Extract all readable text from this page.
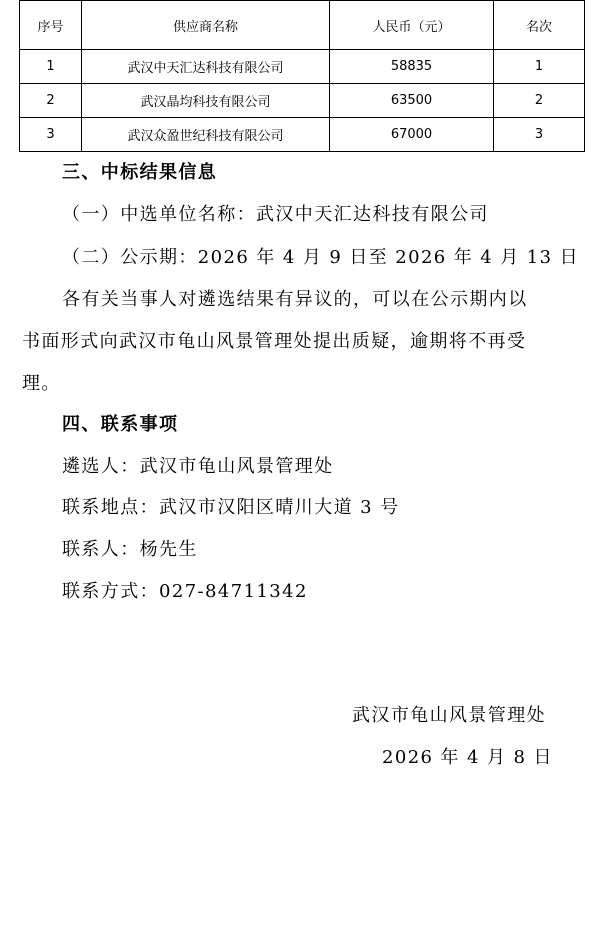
序号	供应商名称	人民币（元）	名次
1	武汉中天汇达科技有限公司	58835	1
2	武汉晶均科技有限公司	63500	2
3	武汉众盈世纪科技有限公司	67000	3
三、中标结果信息
（一）中选单位名称：武汉中天汇达科技有限公司
（二）公示期：2026 年 4 月 9 日至 2026 年 4 月 13 日
各有关当事人对遴选结果有异议的，可以在公示期内以
书面形式向武汉市龟山风景管理处提出质疑，逾期将不再受
理。
四、联系事项
遴选人：武汉市龟山风景管理处
联系地点：武汉市汉阳区晴川大道 3 号
联系人：杨先生
联系方式：027-84711342
武汉市龟山风景管理处
2026 年 4 月 8 日
